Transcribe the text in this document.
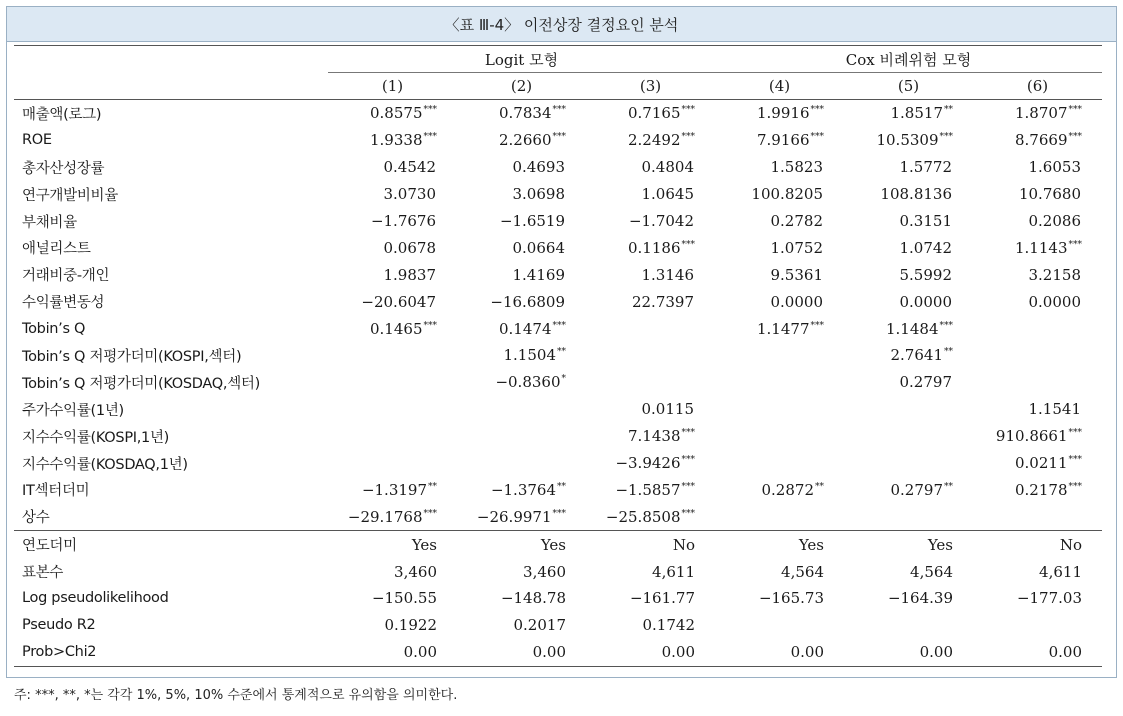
〈표 Ⅲ-4〉 이전상장 결정요인 분석
	Logit 모형			Cox 비례위험 모형		
	(1)	(2)	(3)	(4)	(5)	(6)
매출액(로그)	0.8575***	0.7834***	0.7165***	1.9916***	1.8517**	1.8707***
ROE	1.9338***	2.2660***	2.2492***	7.9166***	10.5309***	8.7669***
총자산성장률	0.4542	0.4693	0.4804	1.5823	1.5772	1.6053
연구개발비비율	3.0730	3.0698	1.0645	100.8205	108.8136	10.7680
부채비율	−1.7676	−1.6519	−1.7042	0.2782	0.3151	0.2086
애널리스트	0.0678	0.0664	0.1186***	1.0752	1.0742	1.1143***
거래비중-개인	1.9837	1.4169	1.3146	9.5361	5.5992	3.2158
수익률변동성	−20.6047	−16.6809	22.7397	0.0000	0.0000	0.0000
Tobin’s Q	0.1465***	0.1474***		1.1477***	1.1484***	
Tobin’s Q 저평가더미(KOSPI,섹터)		1.1504**			2.7641**	
Tobin’s Q 저평가더미(KOSDAQ,섹터)		−0.8360*			0.2797	
주가수익률(1년)			0.0115			1.1541
지수수익률(KOSPI,1년)			7.1438***			910.8661***
지수수익률(KOSDAQ,1년)			−3.9426***			0.0211***
IT섹터더미	−1.3197**	−1.3764**	−1.5857***	0.2872**	0.2797**	0.2178***
상수	−29.1768***	−26.9971***	−25.8508***			
연도더미	Yes	Yes	No	Yes	Yes	No
표본수	3,460	3,460	4,611	4,564	4,564	4,611
Log pseudolikelihood	−150.55	−148.78	−161.77	−165.73	−164.39	−177.03
Pseudo R2	0.1922	0.2017	0.1742			
Prob>Chi2	0.00	0.00	0.00	0.00	0.00	0.00
주: ***, **, *는 각각 1%, 5%, 10% 수준에서 통계적으로 유의함을 의미한다.
